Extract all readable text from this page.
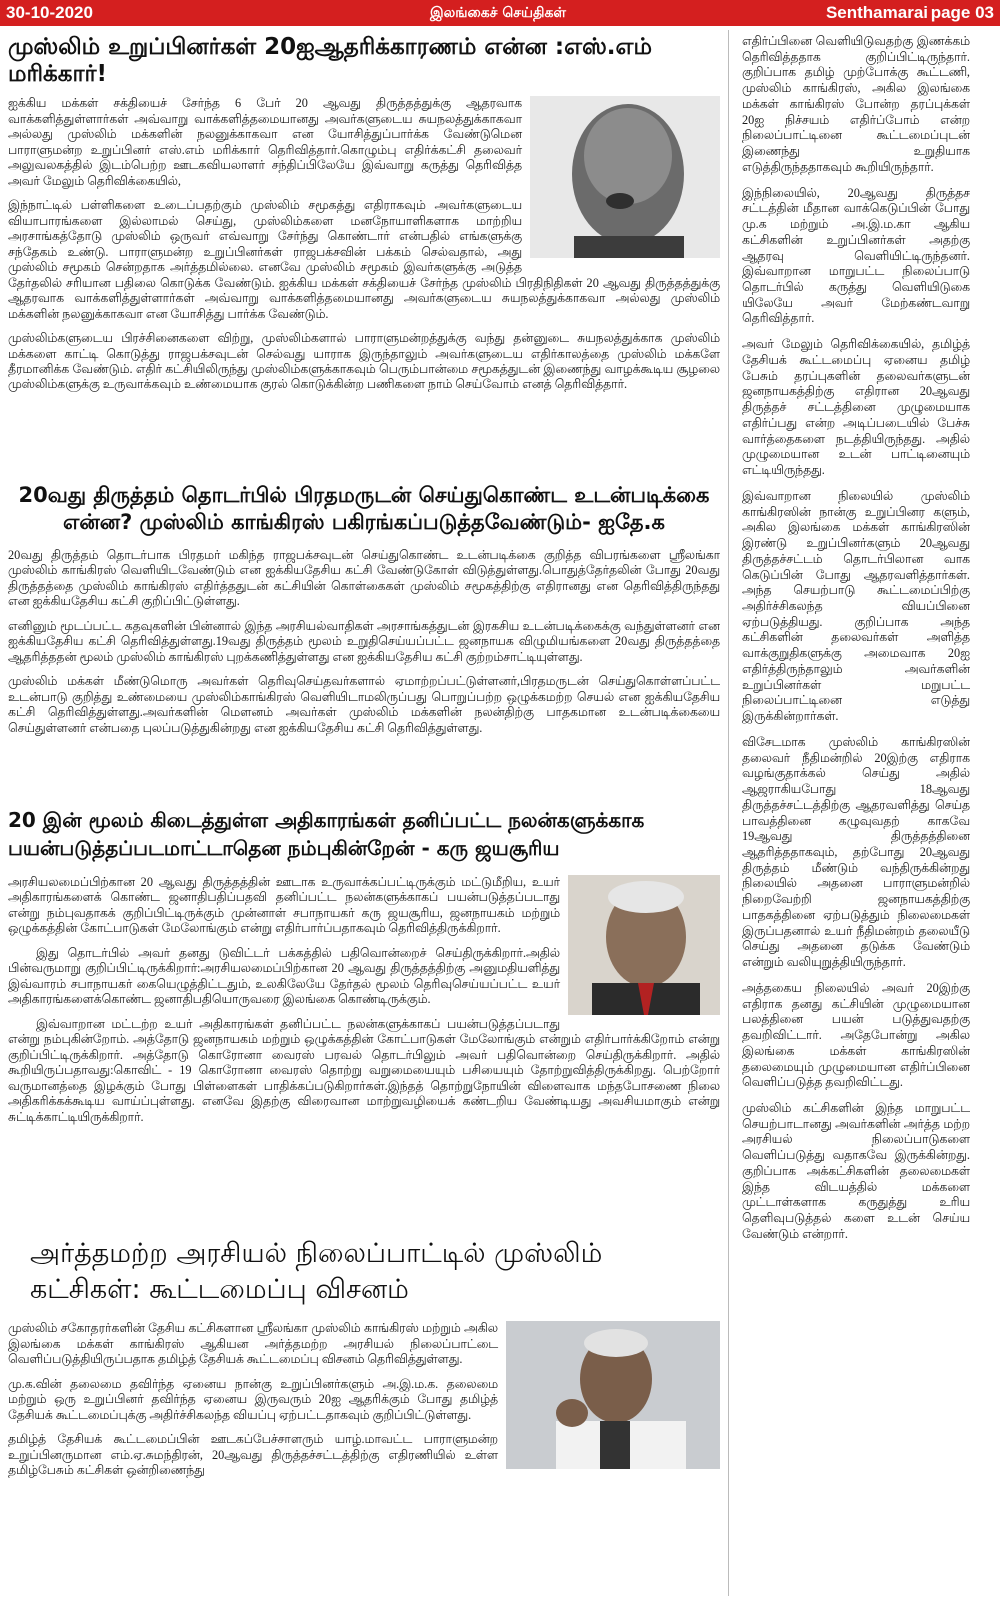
30-10-2020	இலங்கைச் செய்திகள்	Senthamarai page 03
முஸ்லிம் உறுப்பினர்கள் 20ஐஆதரிக்காரணம் என்ன :எஸ்.எம் மரிக்கார்!

ஐக்கிய மக்கள் சக்தியைச் சேர்ந்த 6 பேர் 20 ஆவது திருத்தத்துக்கு ஆதரவாக வாக்களித்துள்ளார்கள் அவ்வாறு வாக்களித்தமையானது அவர்களுடைய சுயநலத்துக்காகவா அல்லது முஸ்லிம் மக்களின் நலனுக்காகவா என யோசித்துப்பார்க்க வேண்டுமென பாராளுமன்ற உறுப்பினர் எஸ்.எம் மரிக்கார் தெரிவித்தார்.கொழும்பு எதிர்க்கட்சி தலைவர் அலுவலகத்தில் இடம்பெற்ற ஊடகவியலாளர் சந்திப்பிலேயே இவ்வாறு கருத்து தெரிவித்த அவர் மேலும் தெரிவிக்கையில்,

இந்நாட்டில் பள்ளிகளை உடைப்பதற்கும் முஸ்லிம் சமூகத்து எதிராகவும் அவர்களுடைய வியாபாரங்களை இல்லாமல் செய்து, முஸ்லிம்களை மனநோயாளிகளாக மாற்றிய அரசாங்கத்தோடு முஸ்லிம் ஒருவர் எவ்வாறு சேர்ந்து கொண்டார் என்பதில் எங்களுக்கு சந்தேகம் உண்டு. பாராளுமன்ற உறுப்பினர்கள் ராஜபக்சவின் பக்கம் செல்வதால், அது முஸ்லிம் சமூகம் சென்றதாக அர்த்தமில்லை. எனவே முஸ்லிம் சமூகம் இவர்களுக்கு அடுத்த தேர்தலில் சரியான பதிலை கொடுக்க வேண்டும். ஐக்கிய மக்கள் சக்தியைச் சேர்ந்த முஸ்லிம் பிரதிநிதிகள் 20 ஆவது திருத்தத்துக்கு ஆதரவாக வாக்களித்துள்ளார்கள் அவ்வாறு வாக்களித்தமையானது அவர்களுடைய சுயநலத்துக்காகவா அல்லது முஸ்லிம் மக்களின் நலனுக்காகவா என யோசித்து பார்க்க வேண்டும்.

முஸ்லிம்களுடைய பிரச்சினைகளை விற்று, முஸ்லிம்களால் பாராளுமன்றத்துக்கு வந்து தன்னுடை சுயநலத்துக்காக முஸ்லிம் மக்களை காட்டி கொடுத்து ராஜபக்சவுடன் செல்வது யாராக இருந்தாலும் அவர்களுடைய எதிர்காலத்தை முஸ்லிம் மக்களே தீரமானிக்க வேண்டும். எதிர் கட்சியிலிருந்து முஸ்லிம்களுக்காகவும் பெரும்பான்மை சமூகத்துடன் இணைந்து வாழக்கூடிய சூழலை முஸ்லிம்களுக்கு உருவாக்கவும் உண்மையாக குரல் கொடுக்கின்ற பணிகளை நாம் செய்வோம் எனத் தெரிவித்தார்.

20வது திருத்தம் தொடர்பில் பிரதமருடன் செய்துகொண்ட உடன்படிக்கை என்ன? முஸ்லிம் காங்கிரஸ் பகிரங்கப்படுத்தவேண்டும்- ஐதே.க

20வது திருத்தம் தொடர்பாக பிரதமர் மகிந்த ராஜபக்சவுடன் செய்துகொண்ட உடன்படிக்கை குறித்த விபரங்களை ஸ்ரீலங்கா முஸ்லிம் காங்கிரஸ் வெளியிடவேண்டும் என ஐக்கியதேசிய கட்சி வேண்டுகோள் விடுத்துள்ளது.பொதுத்தேர்தலின் போது 20வது திருத்தத்தை முஸ்லிம் காங்கிரஸ் எதிர்த்ததுடன் கட்சியின் கொள்கைகள் முஸ்லிம் சமூகத்திற்கு எதிரானது என தெரிவித்திருந்தது என ஐக்கியதேசிய கட்சி குறிப்பிட்டுள்ளது.

எனினும் மூடப்பட்ட கதவுகளின் பின்னால் இந்த அரசியல்வாதிகள் அரசாங்கத்துடன் இரகசிய உடன்படிக்கைக்கு வந்துள்ளனர் என ஐக்கியதேசிய கட்சி தெரிவித்துள்ளது.19வது திருத்தம் மூலம் உறுதிசெய்யப்பட்ட ஜனநாயக விழுமியங்களை 20வது திருத்தத்தை ஆதரித்ததன் மூலம் முஸ்லிம் காங்கிரஸ் புறக்கணித்துள்ளது என ஐக்கியதேசிய கட்சி குற்றம்சாட்டியுள்ளது.

முஸ்லிம் மக்கள் மீண்டுமொரு அவர்கள் தெரிவுசெய்தவர்களால் ஏமாற்றப்பட்டுள்ளனர்,பிரதமருடன் செய்துகொள்ளப்பட்ட உடன்பாடு குறித்து உண்மையை முஸ்லிம்காங்கிரஸ் வெளியிடாமலிருப்பது பொறுப்பற்ற ஒழுக்கமற்ற செயல் என ஐக்கியதேசிய கட்சி தெரிவித்துள்ளது.அவர்களின் மௌனம் அவர்கள் முஸ்லிம் மக்களின் நலன்திற்கு பாதகமான உடன்படிக்கையை செய்துள்ளனர் என்பதை புலப்படுத்துகின்றது என ஐக்கியதேசிய கட்சி தெரிவித்துள்ளது.

20 இன் மூலம் கிடைத்துள்ள அதிகாரங்கள் தனிப்பட்ட நலன்களுக்காக பயன்படுத்தப்படமாட்டாதென நம்புகின்றேன் - கரு ஜயசூரிய

அரசியலமைப்பிற்கான 20 ஆவது திருத்தத்தின் ஊடாக உருவாக்கப்பட்டிருக்கும் மட்டுமீறிய, உயர் அதிகாரங்களைக் கொண்ட ஜனாதிபதிப்பதவி தனிப்பட்ட நலன்களுக்காகப் பயன்படுத்தப்படாது என்று நம்புவதாகக் குறிப்பிட்டிருக்கும் முன்னாள் சபாநாயகர் கரு ஜயசூரிய, ஜனநாயகம் மற்றும் ஒழுக்கத்தின் கோட்பாடுகள் மேலோங்கும் என்று எதிர்பார்ப்பதாகவும் தெரிவித்திருக்கிறார்.

இது தொடர்பில் அவர் தனது டுவிட்டர் பக்கத்தில் பதிவொன்றைச் செய்திருக்கிறார்.அதில் பின்வருமாறு குறிப்பிட்டிருக்கிறார்:அரசியலமைப்பிற்கான 20 ஆவது திருத்தத்திற்கு அனுமதியளித்து இவ்வாரம் சபாநாயகர் கையெழுத்திட்டதும், உலகிலேயே தேர்தல் மூலம் தெரிவுசெய்யப்பட்ட உயர் அதிகாரங்களைக்கொண்ட ஜனாதிபதியொருவரை இலங்கை கொண்டிருக்கும்.

இவ்வாறான மட்டற்ற உயர் அதிகாரங்கள் தனிப்பட்ட நலன்களுக்காகப் பயன்படுத்தப்படாது என்று நம்புகின்றோம். அத்தோடு ஜனநாயகம் மற்றும் ஒழுக்கத்தின் கோட்பாடுகள் மேலோங்கும் என்றும் எதிர்பார்க்கிறோம் என்று குறிப்பிட்டிருக்கிறார். அத்தோடு கொரோனா வைரஸ் பரவல் தொடர்பிலும் அவர் பதிவொன்றை செய்திருக்கிறார். அதில் கூறியிருப்பதாவது:கொவிட் - 19 கொரோனா வைரஸ் தொற்று வறுமையையும் பசியையும் தோற்றுவித்திருக்கிறது. பெற்றோர் வருமானத்தை இழக்கும் போது பிள்ளைகள் பாதிக்கப்படுகிறார்கள்.இந்தத் தொற்றுநோயின் விளைவாக மந்தபோசணை நிலை அதிகரிக்கக்கூடிய வாய்ப்புள்ளது. எனவே இதற்கு விரைவான மாற்றுவழியைக் கண்டறிய வேண்டியது அவசியமாகும் என்று சுட்டிக்காட்டியிருக்கிறார்.

அர்த்தமற்ற அரசியல் நிலைப்பாட்டில் முஸ்லிம் கட்சிகள்: கூட்டமைப்பு விசனம்

முஸ்லிம் சகோதரர்களின் தேசிய கட்சிகளான ஸ்ரீலங்கா முஸ்லிம் காங்கிரஸ் மற்றும் அகில இலங்கை மக்கள் காங்கிரஸ் ஆகியன அர்த்தமற்ற அரசியல் நிலைப்பாட்டை வெளிப்படுத்தியிருப்பதாக தமிழ்த் தேசியக் கூட்டமைப்பு விசனம் தெரிவித்துள்ளது.

மு.க.வின் தலைமை தவிர்ந்த ஏனைய நான்கு உறுப்பினர்களும் அ.இ.ம.க. தலைமை மற்றும் ஒரு உறுப்பினர் தவிர்ந்த ஏனைய இருவரும் 20ஐ ஆதரிக்கும் போது தமிழ்த் தேசியக் கூட்டமைப்புக்கு அதிர்ச்சிகலந்த வியப்பு ஏற்பட்டதாகவும் குறிப்பிட்டுள்ளது.

தமிழ்த் தேசியக் கூட்டமைப்பின் ஊடகப்பேச்சாளரும் யாழ்.மாவட்ட பாராளுமன்ற உறுப்பினருமான எம்.ஏ.சுமந்திரன், 20ஆவது திருத்தச்சட்டத்திற்கு எதிரணியில் உள்ள தமிழ்பேசும் கட்சிகள் ஒன்றிணைந்து

எதிர்ப்பினை வெளியிடுவதற்கு இணக்கம் தெரிவித்ததாக குறிப்பிட்டிருந்தார். குறிப்பாக தமிழ் முற்போக்கு கூட்டணி, முஸ்லிம் காங்கிரஸ், அகில இலங்கை மக்கள் காங்கிரஸ் போன்ற தரப்புக்கள் 20ஐ நிச்சயம் எதிர்ப்போம் என்ற நிலைப்பாட்டினை கூட்டமைப்புடன் இணைந்து உறுதியாக எடுத்திருந்ததாகவும் கூறியிருந்தார்.

இந்நிலையில், 20ஆவது திருத்தச சட்டத்தின் மீதான வாக்கெடுப்பின் போது மு.க மற்றும் அ.இ.ம.கா ஆகிய கட்சிகளின் உறுப்பினர்கள் அதற்கு ஆதரவு வெளியிட்டிருந்தனர். இவ்வாறான மாறுபட்ட நிலைப்பாடு தொடர்பில் கருத்து வெளியிடுகை யிலேயே அவர் மேற்கண்டவாறு தெரிவித்தார்.

அவர் மேலும் தெரிவிக்கையில், தமிழ்த் தேசியக் கூட்டமைப்பு ஏனைய தமிழ் பேசும் தரப்புகளின் தலைவர்களுடன் ஜனநாயகத்திற்கு எதிரான 20ஆவது திருத்தச் சட்டத்தினை முழுமையாக எதிர்ப்பது என்ற அடிப்படையில் பேச்சு வார்த்தைகளை நடத்தியிருந்தது. அதில் முழுமையான உடன் பாட்டினையும் எட்டியிருந்தது.

இவ்வாறான நிலையில் முஸ்லிம் காங்கிரஸின் நான்கு உறுப்பினர களும், அகில இலங்கை மக்கள் காங்கிரஸின் இரண்டு உறுப்பினர்களும் 20ஆவது திருத்தச்சட்டம் தொடர்பிலான வாக கெடுப்பின் போது ஆதரவளித்தார்கள். அந்த செயற்பாடு கூட்டமைப்பிற்கு அதிர்ச்சிகலந்த வியப்பினை ஏற்படுத்தியது. குறிப்பாக அந்த கட்சிகளின் தலைவர்கள் அளித்த வாக்குறுதிகளுக்கு அமைவாக 20ஐ எதிர்த்திருந்தாலும் அவர்களின் உறுப்பினர்கள் மறுபட்ட நிலைப்பாட்டினை எடுத்து இருக்கின்றார்கள்.

விசேடமாக முஸ்லிம் காங்கிரஸின் தலைவர் நீதிமன்றில் 20இற்கு எதிராக வழங்குதாக்கல் செய்து அதில் ஆஜராகியபோது 18ஆவது திருத்தச்சட்டத்திற்கு ஆதரவளித்து செய்த பாவத்தினை கழுவுவதற் காகவே 19ஆவது திருத்தத்தினை ஆதரித்ததாகவும், தற்போது 20ஆவது திருத்தம் மீண்டும் வந்திருக்கின்றது நிலையில் அதனை பாராளுமன்றில் நிறைவேற்றி ஜனநாயகத்திற்கு பாதகத்தினை ஏற்படுத்தும் நிலைமைகள் இருப்பதனால் உயர் நீதிமன்றம் தலையீடு செய்து அதனை தடுக்க வேண்டும் என்றும் வலியுறுத்தியிருந்தார்.

அத்தகைய நிலையில் அவர் 20இற்கு எதிராக தனது கட்சியின் முழுமையான பலத்தினை பயன் படுத்துவதற்கு தவறிவிட்டார். அதேபோன்று அகில இலங்கை மக்கள் காங்கிரஸின் தலைமையும் முழுமையான எதிர்ப்பினை வெளிப்படுத்த தவறிவிட்டது.

முஸ்லிம் கட்சிகளின் இந்த மாறுபட்ட செயற்பாடானது அவர்களின் அர்த்த மற்ற அரசியல் நிலைப்பாடுகளை வெளிப்படுத்து வதாகவே இருக்கின்றது. குறிப்பாக அக்கட்சிகளின் தலைமைகள் இந்த விடயத்தில் மக்களை முட்டாள்களாக கருதுத்து உரிய தெளிவுபடுத்தல் களை உடன் செய்ய வேண்டும் என்றார்.
